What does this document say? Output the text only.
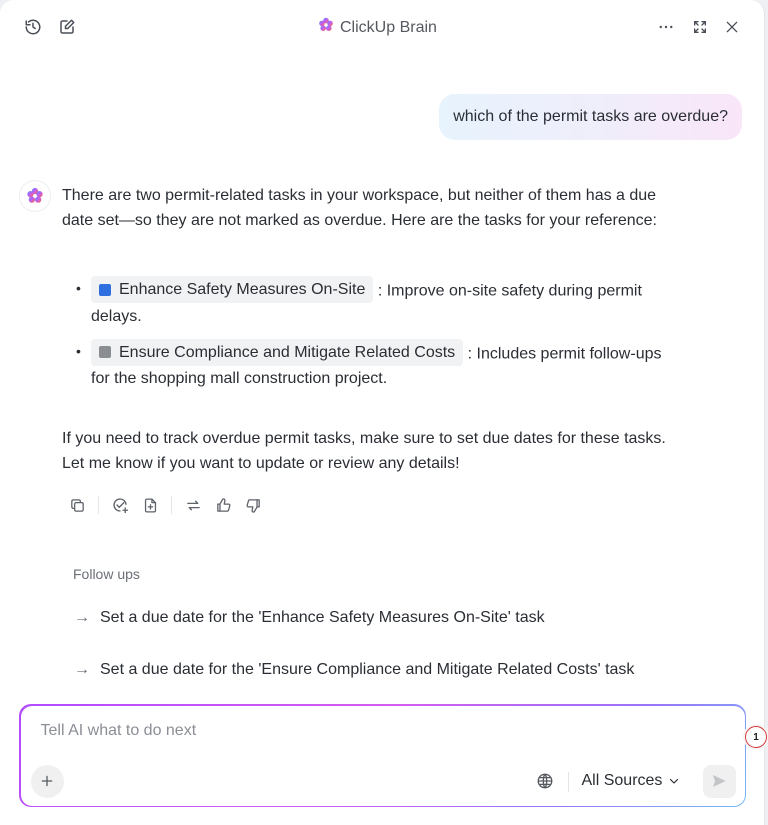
ClickUp Brain
which of the permit tasks are overdue?
There are two permit-related tasks in your workspace, but neither of them has a due
date set—so they are not marked as overdue. Here are the tasks for your reference:
• Enhance Safety Measures On-Site : Improve on-site safety during permit
delays.
• Ensure Compliance and Mitigate Related Costs : Includes permit follow-ups
for the shopping mall construction project.
If you need to track overdue permit tasks, make sure to set due dates for these tasks.
Let me know if you want to update or review any details!
Follow ups
→ Set a due date for the 'Enhance Safety Measures On-Site' task
→ Set a due date for the 'Ensure Compliance and Mitigate Related Costs' task
Tell AI what to do next
All Sources
1
